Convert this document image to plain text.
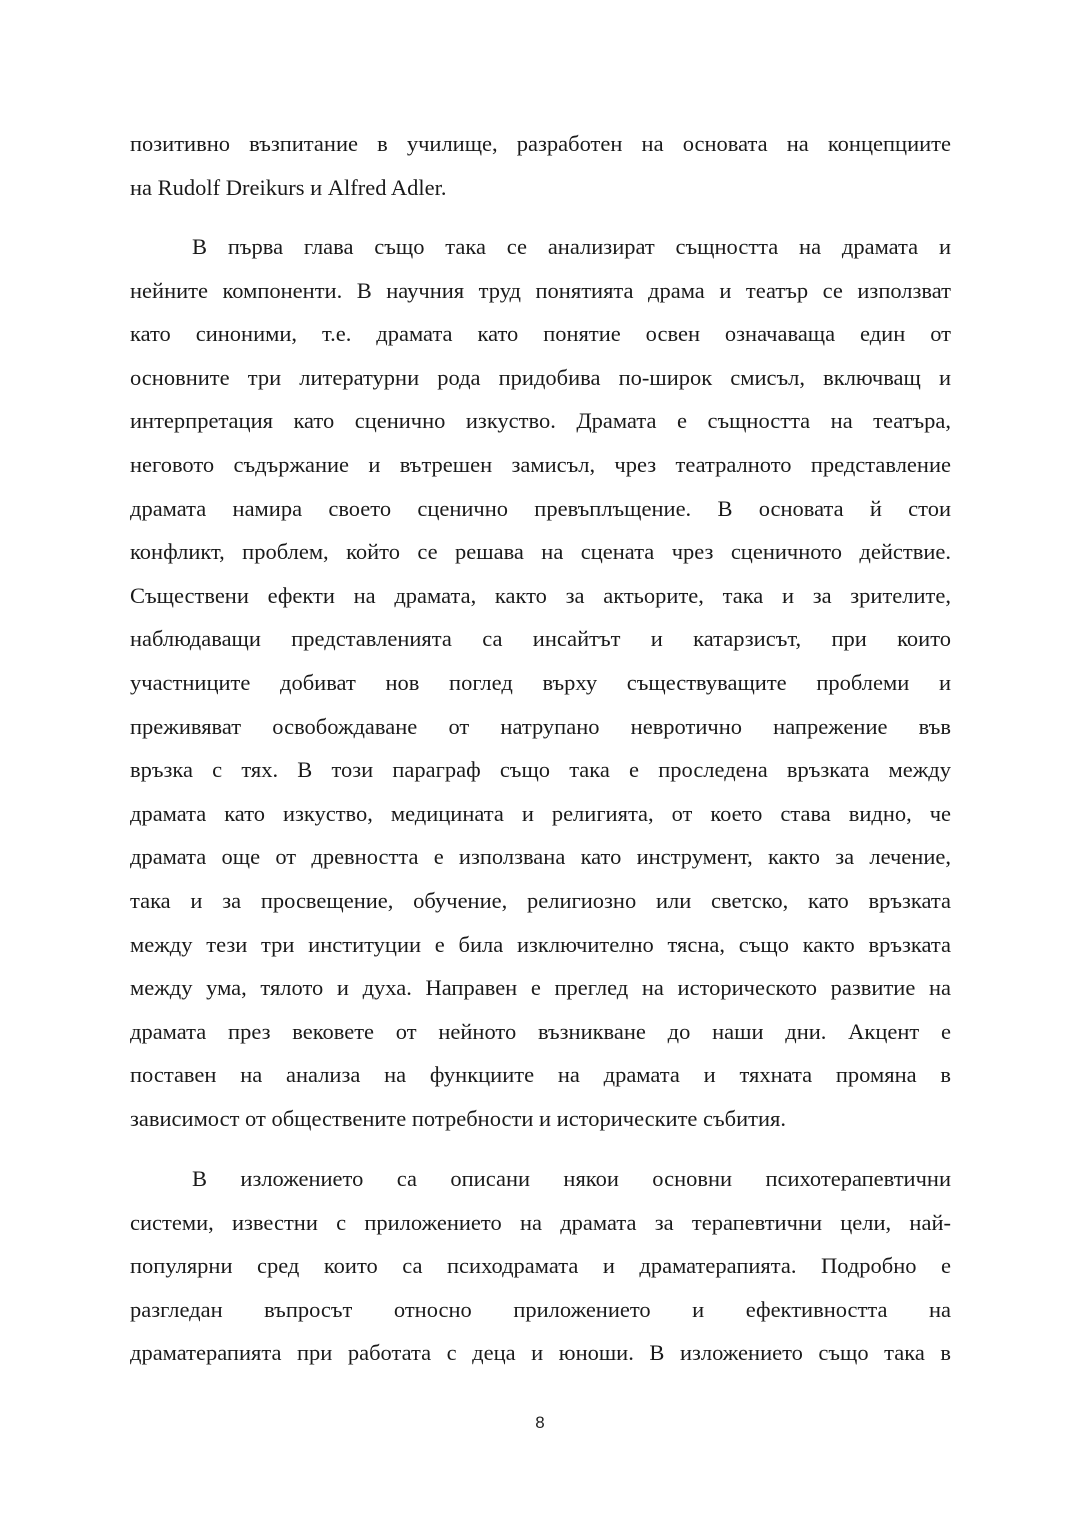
позитивно възпитание в училище, разработен на основата на концепциите
на Rudolf Dreikurs и Alfred Adler.
В първа глава също така се анализират същността на драмата и
нейните компоненти. В научния труд понятията драма и театър се използват
като синоними, т.е. драмата като понятие освен означаваща един от
основните три литературни рода придобива по-широк смисъл, включващ и
интерпретация като сценично изкуство. Драмата е същността на театъра,
неговото съдържание и вътрешен замисъл, чрез театралното представление
драмата намира своето сценично превъплъщение. В основата й стои
конфликт, проблем, който се решава на сцената чрез сценичното действие.
Съществени ефекти на драмата, както за актьорите, така и за зрителите,
наблюдаващи представленията са инсайтът и катарзисът, при които
участниците добиват нов поглед върху съществуващите проблеми и
преживяват освобождаване от натрупано невротично напрежение във
връзка с тях. В този параграф също така е проследена връзката между
драмата като изкуство, медицината и религията, от което става видно, че
драмата още от древността е използвана като инструмент, както за лечение,
така и за просвещение, обучение, религиозно или светско, като връзката
между тези три институции е била изключително тясна, също както връзката
между ума, тялото и духа. Направен е преглед на историческото развитие на
драмата през вековете от нейното възникване до наши дни. Акцент е
поставен на анализа на функциите на драмата и тяхната промяна в
зависимост от обществените потребности и историческите събития.
В изложението са описани някои основни психотерапевтични
системи, известни с приложението на драмата за терапевтични цели, най-
популярни сред които са психодрамата и драматерапията. Подробно е
разгледан въпросът относно приложението и ефективността на
драматерапията при работата с деца и юноши. В изложението също така в
8
